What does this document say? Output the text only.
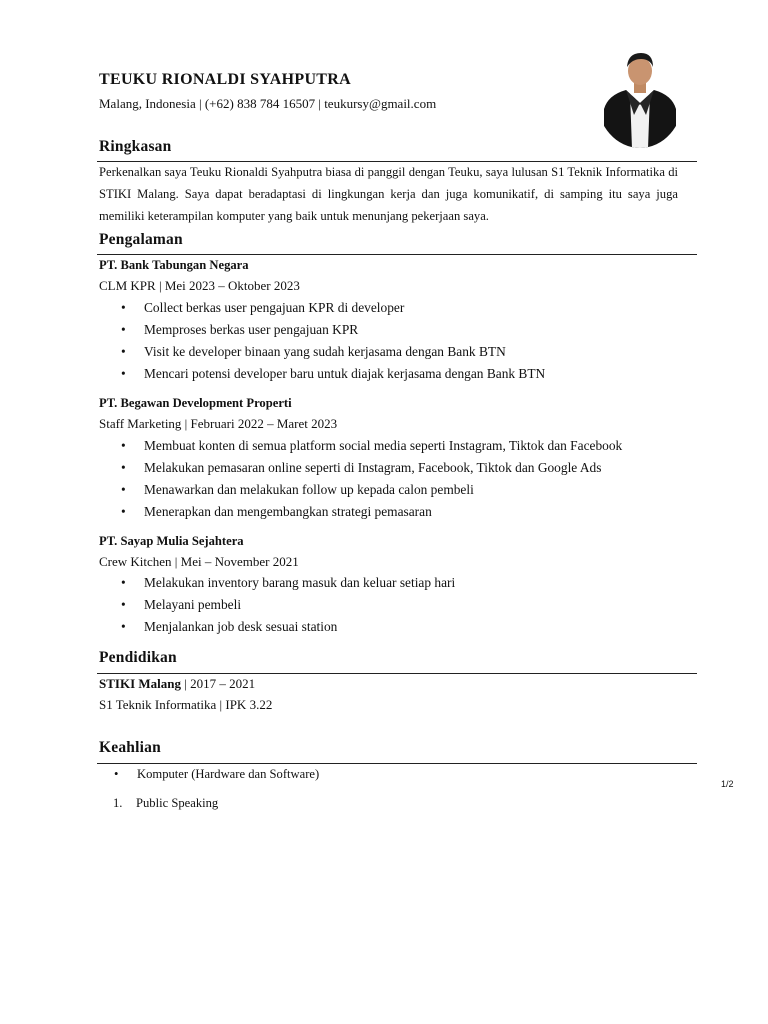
TEUKU RIONALDI SYAHPUTRA
Malang, Indonesia | (+62) 838 784 16507 | teukursy@gmail.com
Ringkasan
Perkenalkan saya Teuku Rionaldi Syahputra biasa di panggil dengan Teuku, saya lulusan S1 Teknik Informatika di STIKI Malang. Saya dapat beradaptasi di lingkungan kerja dan juga komunikatif, di samping itu saya juga memiliki keterampilan komputer yang baik untuk menunjang pekerjaan saya.
Pengalaman
PT. Bank Tabungan Negara
CLM KPR | Mei 2023 – Oktober 2023
• Collect berkas user pengajuan KPR di developer
• Memproses berkas user pengajuan KPR
• Visit ke developer binaan yang sudah kerjasama dengan Bank BTN
• Mencari potensi developer baru untuk diajak kerjasama dengan Bank BTN
PT. Begawan Development Properti
Staff Marketing | Februari 2022 – Maret 2023
• Membuat konten di semua platform social media seperti Instagram, Tiktok dan Facebook
• Melakukan pemasaran online seperti di Instagram, Facebook, Tiktok dan Google Ads
• Menawarkan dan melakukan follow up kepada calon pembeli
• Menerapkan dan mengembangkan strategi pemasaran
PT. Sayap Mulia Sejahtera
Crew Kitchen | Mei – November 2021
• Melakukan inventory barang masuk dan keluar setiap hari
• Melayani pembeli
• Menjalankan job desk sesuai station
Pendidikan
STIKI Malang | 2017 – 2021
S1 Teknik Informatika | IPK 3.22
Keahlian
• Komputer (Hardware dan Software)
1. Public Speaking
1/2
